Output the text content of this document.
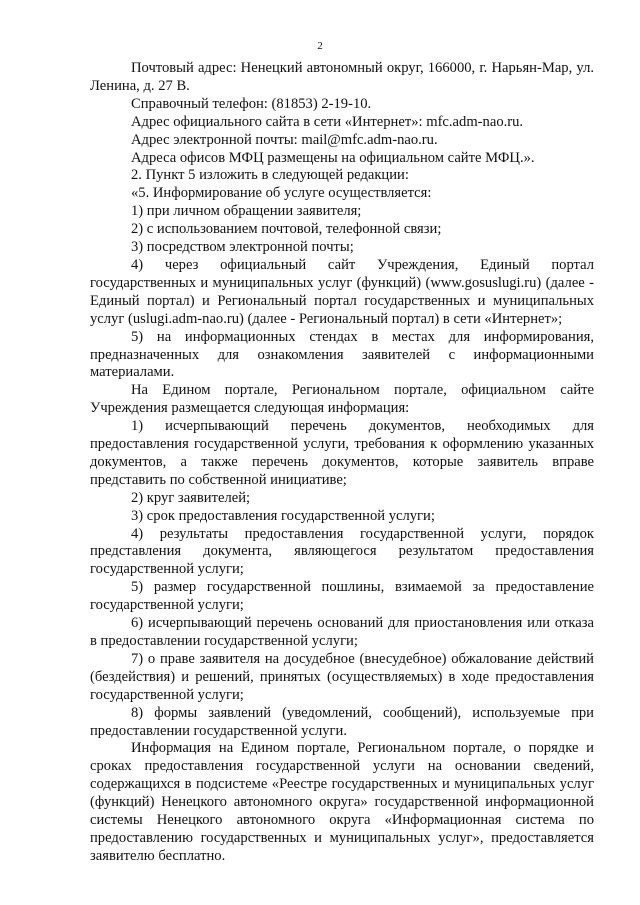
2

Почтовый адрес: Ненецкий автономный округ, 166000, г. Нарьян-Мар, ул. Ленина, д. 27 В.

Справочный телефон: (81853) 2-19-10.

Адрес официального сайта в сети «Интернет»: mfc.adm-nao.ru.

Адрес электронной почты: mail@mfc.adm-nao.ru.

Адреса офисов МФЦ размещены на официальном сайте МФЦ.».

2. Пункт 5 изложить в следующей редакции:

«5. Информирование об услуге осуществляется:

1) при личном обращении заявителя;

2) с использованием почтовой, телефонной связи;

3) посредством электронной почты;

4) через официальный сайт Учреждения, Единый портал государственных и муниципальных услуг (функций) (www.gosuslugi.ru) (далее - Единый портал) и Региональный портал государственных и муниципальных услуг (uslugi.adm-nao.ru) (далее - Региональный портал) в сети «Интернет»;

5) на информационных стендах в местах для информирования, предназначенных для ознакомления заявителей с информационными материалами.

На Едином портале, Региональном портале, официальном сайте Учреждения размещается следующая информация:

1) исчерпывающий перечень документов, необходимых для предоставления государственной услуги, требования к оформлению указанных документов, а также перечень документов, которые заявитель вправе представить по собственной инициативе;

2) круг заявителей;

3) срок предоставления государственной услуги;

4) результаты предоставления государственной услуги, порядок представления документа, являющегося результатом предоставления государственной услуги;

5) размер государственной пошлины, взимаемой за предоставление государственной услуги;

6) исчерпывающий перечень оснований для приостановления или отказа в предоставлении государственной услуги;

7) о праве заявителя на досудебное (внесудебное) обжалование действий (бездействия) и решений, принятых (осуществляемых) в ходе предоставления государственной услуги;

8) формы заявлений (уведомлений, сообщений), используемые при предоставлении государственной услуги.

Информация на Едином портале, Региональном портале, о порядке и сроках предоставления государственной услуги на основании сведений, содержащихся в подсистеме «Реестре государственных и муниципальных услуг (функций) Ненецкого автономного округа» государственной информационной системы Ненецкого автономного округа «Информационная система по предоставлению государственных и муниципальных услуг», предоставляется заявителю бесплатно.
